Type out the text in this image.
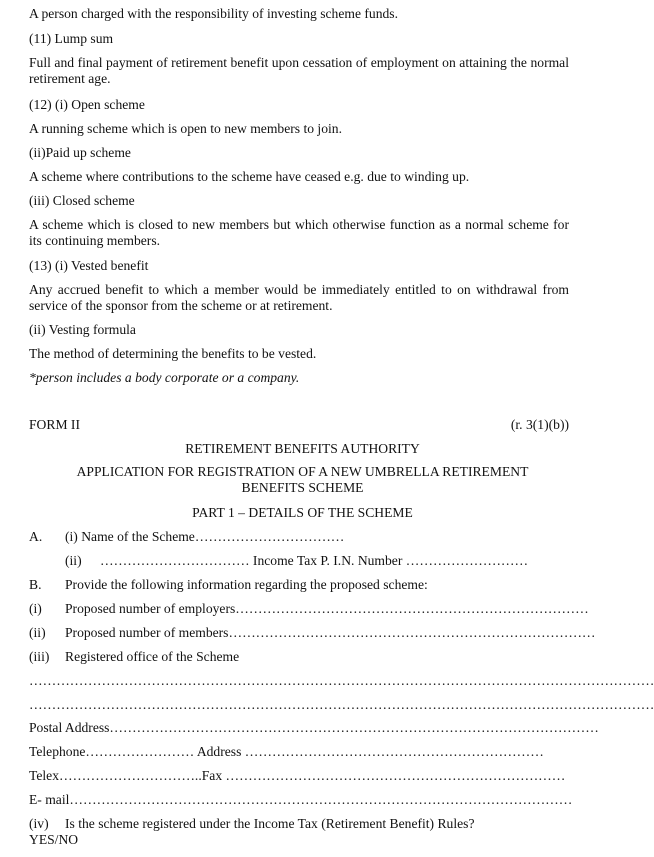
A person charged with the responsibility of investing scheme funds.
(11) Lump sum
Full and final payment of retirement benefit upon cessation of employment on attaining the normal retirement age.
(12) (i) Open scheme
A running scheme which is open to new members to join.
(ii)Paid up scheme
A scheme where contributions to the scheme have ceased e.g. due to winding up.
(iii) Closed scheme
A scheme which is closed to new members but which otherwise function as a normal scheme for its continuing members.
(13) (i) Vested benefit
Any accrued benefit to which a member would be immediately entitled to on withdrawal from service of the sponsor from the scheme or at retirement.
(ii) Vesting formula
The method of determining the benefits to be vested.
*person includes a body corporate or a company.
FORM II	(r. 3(1)(b))
RETIREMENT BENEFITS AUTHORITY
APPLICATION FOR REGISTRATION OF A NEW UMBRELLA RETIREMENT
BENEFITS SCHEME
PART 1 – DETAILS OF THE SCHEME
A. (i) Name of the Scheme……………………………
(ii) …………………………… Income Tax P. I.N. Number ………………………
B. Provide the following information regarding the proposed scheme:
(i) Proposed number of employers……………………………………………………………………
(ii) Proposed number of members………………………………………………………………………
(iii) Registered office of the Scheme
…………………………………………………………………………………………………………………………
…………………………………………………………………………………………………………………………
Postal Address………………………………………………………………………………………………
Telephone…………………… Address …………………………………………………………
Telex…………………………..Fax …………………………………………………………………
E- mail…………………………………………………………………………………………………
(iv) Is the scheme registered under the Income Tax (Retirement Benefit) Rules?
YES/NO
